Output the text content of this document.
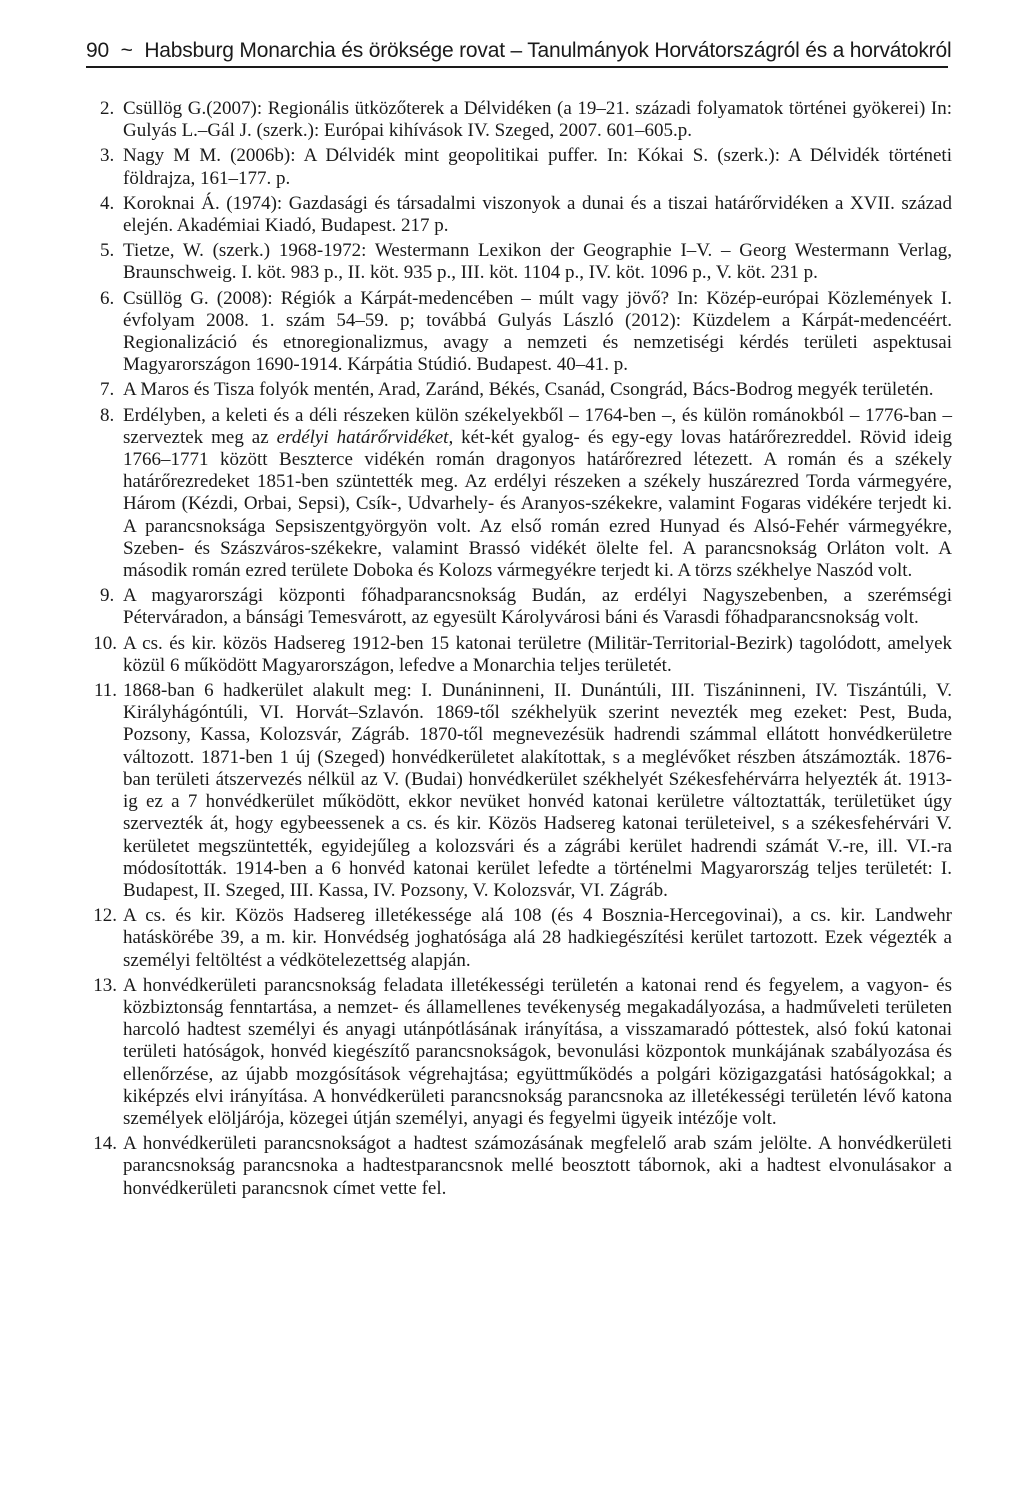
90 ~ Habsburg Monarchia és öröksége rovat – Tanulmányok Horvátországról és a horvátokról
2. Csüllög G.(2007): Regionális ütközőterek a Délvidéken (a 19–21. századi folyamatok történei gyökerei) In: Gulyás L.–Gál J. (szerk.): Európai kihívások IV. Szeged, 2007. 601–605.p.
3. Nagy M M. (2006b): A Délvidék mint geopolitikai puffer. In: Kókai S. (szerk.): A Délvidék történeti földrajza, 161–177. p.
4. Koroknai Á. (1974): Gazdasági és társadalmi viszonyok a dunai és a tiszai határőrvidéken a XVII. század elején. Akadémiai Kiadó, Budapest. 217 p.
5. Tietze, W. (szerk.) 1968-1972: Westermann Lexikon der Geographie I–V. – Georg Westermann Verlag, Braunschweig. I. köt. 983 p., II. köt. 935 p., III. köt. 1104 p., IV. köt. 1096 p., V. köt. 231 p.
6. Csüllög G. (2008): Régiók a Kárpát-medencében – múlt vagy jövő? In: Közép-európai Közlemények I. évfolyam 2008. 1. szám 54–59. p; továbbá Gulyás László (2012): Küzdelem a Kárpát-medencéért. Regionalizáció és etnoregionalizmus, avagy a nemzeti és nemzetiségi kérdés területi aspektusai Magyarországon 1690-1914. Kárpátia Stúdió. Budapest. 40–41. p.
7. A Maros és Tisza folyók mentén, Arad, Zaránd, Békés, Csanád, Csongrád, Bács-Bodrog megyék területén.
8. Erdélyben, a keleti és a déli részeken külön székelyekből – 1764-ben –, és külön románokból – 1776-ban – szerveztek meg az erdélyi határőrvidéket, két-két gyalog- és egy-egy lovas határőrezreddel. Rövid ideig 1766–1771 között Beszterce vidékén román dragonyos határőrezred létezett. A román és a székely határőrezredeket 1851-ben szüntették meg. Az erdélyi részeken a székely huszárezred Torda vármegyére, Három (Kézdi, Orbai, Sepsi), Csík-, Udvarhely- és Aranyos-székekre, valamint Fogaras vidékére terjedt ki. A parancsnoksága Sepsiszentgyörgyön volt. Az első román ezred Hunyad és Alsó-Fehér vármegyékre, Szeben- és Szászváros-székekre, valamint Brassó vidékét ölelte fel. A parancsnokság Orláton volt. A második román ezred területe Doboka és Kolozs vármegyékre terjedt ki. A törzs székhelye Naszód volt.
9. A magyarországi központi főhadparancsnokság Budán, az erdélyi Nagyszebenben, a szerémségi Péterváradon, a bánsági Temesvárott, az egyesült Károlyvárosi báni és Varasdi főhadparancsnokság volt.
10. A cs. és kir. közös Hadsereg 1912-ben 15 katonai területre (Militär-Territorial-Bezirk) tagolódott, amelyek közül 6 működött Magyarországon, lefedve a Monarchia teljes területét.
11. 1868-ban 6 hadkerület alakult meg: I. Dunáninneni, II. Dunántúli, III. Tiszáninneni, IV. Tiszántúli, V. Királyhágóntúli, VI. Horvát–Szlavón. 1869-től székhelyük szerint nevezték meg ezeket: Pest, Buda, Pozsony, Kassa, Kolozsvár, Zágráb. 1870-től megnevezésük hadrendi számmal ellátott honvédkerületre változott. 1871-ben 1 új (Szeged) honvédkerületet alakítottak, s a meglévőket részben átszámozták. 1876-ban területi átszervezés nélkül az V. (Budai) honvédkerület székhelyét Székesfehérvárra helyezték át. 1913-ig ez a 7 honvédkerület működött, ekkor nevüket honvéd katonai kerületre változtatták, területüket úgy szervezték át, hogy egybeessenek a cs. és kir. Közös Hadsereg katonai területeivel, s a székesfehérvári V. kerületet megszüntették, egyidejűleg a kolozsvári és a zágrábi kerület hadrendi számát V.-re, ill. VI.-ra módosították. 1914-ben a 6 honvéd katonai kerület lefedte a történelmi Magyarország teljes területét: I. Budapest, II. Szeged, III. Kassa, IV. Pozsony, V. Kolozsvár, VI. Zágráb.
12. A cs. és kir. Közös Hadsereg illetékessége alá 108 (és 4 Bosznia-Hercegovinai), a cs. kir. Landwehr hatáskörébe 39, a m. kir. Honvédség joghatósága alá 28 hadkiegészítési kerület tartozott. Ezek végezték a személyi feltöltést a védkötelezettség alapján.
13. A honvédkerületi parancsnokság feladata illetékességi területén a katonai rend és fegyelem, a vagyon- és közbiztonság fenntartása, a nemzet- és államellenes tevékenység megakadályozása, a hadműveleti területen harcoló hadtest személyi és anyagi utánpótlásának irányítása, a visszamaradó póttestek, alsó fokú katonai területi hatóságok, honvéd kiegészítő parancsnokságok, bevonulási központok munkájának szabályozása és ellenőrzése, az újabb mozgósítások végrehajtása; együttműködés a polgári közigazgatási hatóságokkal; a kiképzés elvi irányítása. A honvédkerületi parancsnokság parancsnoka az illetékességi területén lévő katona személyek elöljárója, közegei útján személyi, anyagi és fegyelmi ügyeik intézője volt.
14. A honvédkerületi parancsnokságot a hadtest számozásának megfelelő arab szám jelölte. A honvédkerületi parancsnokság parancsnoka a hadtestparancsnok mellé beosztott tábornok, aki a hadtest elvonulásakor a honvédkerületi parancsnok címet vette fel.
